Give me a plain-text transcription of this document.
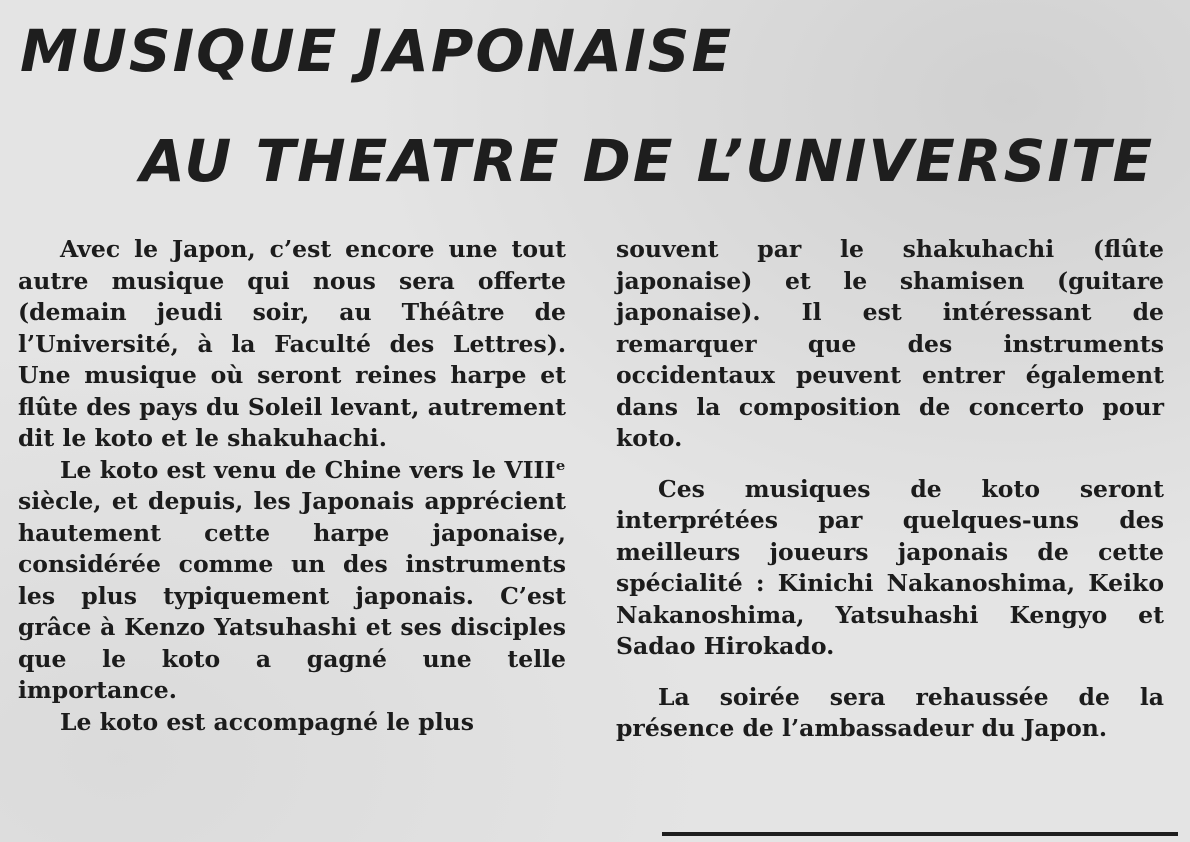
MUSIQUE JAPONAISE
AU THEATRE DE L’UNIVERSITE

Avec le Japon, c’est encore une tout autre musique qui nous sera offerte (demain jeudi soir, au Théâtre de l’Université, à la Faculté des Lettres). Une musique où seront reines harpe et flûte des pays du Soleil levant, autrement dit le koto et le shakuhachi.

Le koto est venu de Chine vers le VIIIᵉ siècle, et depuis, les Japonais apprécient hautement cette harpe japonaise, considérée comme un des instruments les plus typiquement japonais. C’est grâce à Kenzo Yatsuhashi et ses disciples que le koto a gagné une telle importance.

Le koto est accompagné le plus

souvent par le shakuhachi (flûte japonaise) et le shamisen (guitare japonaise). Il est intéressant de remarquer que des instruments occidentaux peuvent entrer également dans la composition de concerto pour koto.

Ces musiques de koto seront interprétées par quelques-uns des meilleurs joueurs japonais de cette spécialité : Kinichi Nakanoshima, Keiko Nakanoshima, Yatsuhashi Kengyo et Sadao Hirokado.

La soirée sera rehaussée de la présence de l’ambassadeur du Japon.
